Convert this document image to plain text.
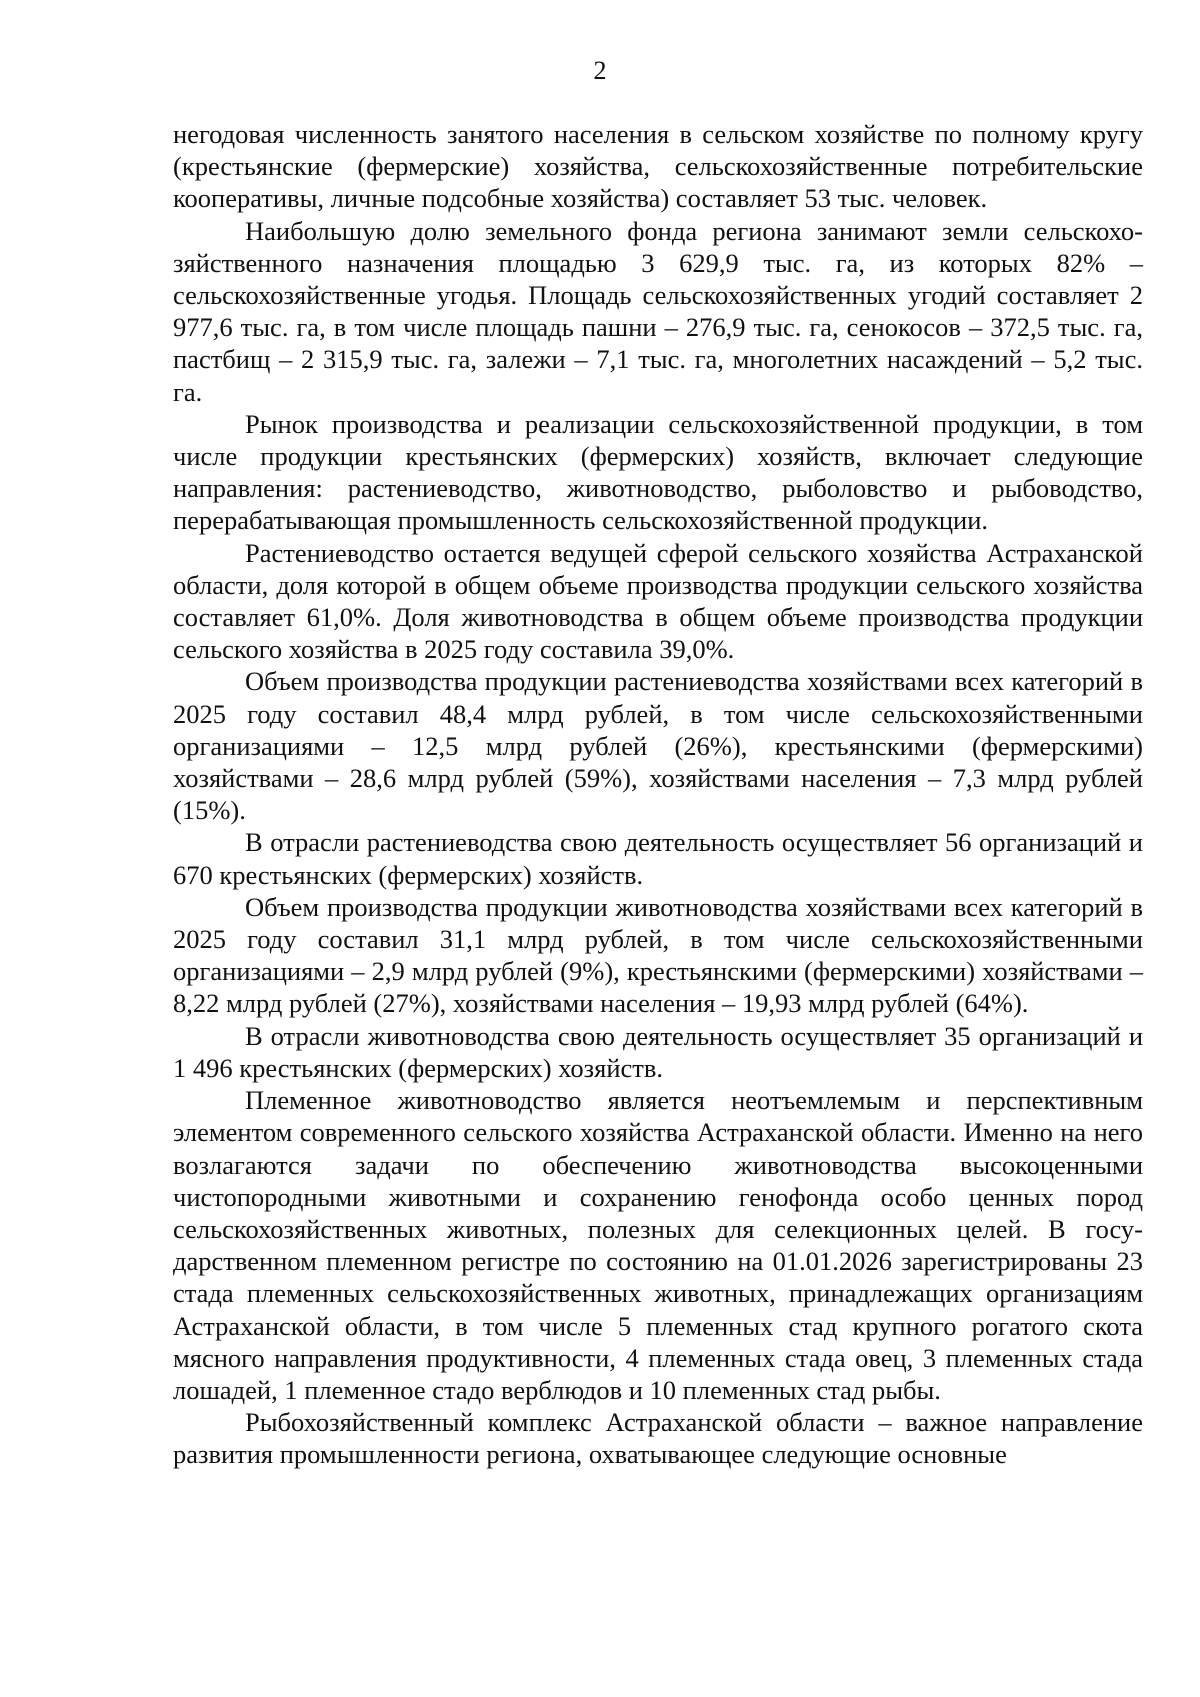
2

негодовая численность занятого населения в сельском хозяйстве по полному кругу (крестьянские (фермерские) хозяйства, сельскохозяйственные потребительские кооперативы, личные подсобные хозяйства) составляет 53 тыс. человек.

Наибольшую долю земельного фонда региона занимают земли сельскохозяйственного назначения площадью 3 629,9 тыс. га, из которых 82% – сельскохозяйственные угодья. Площадь сельскохозяйственных угодий составляет 2 977,6 тыс. га, в том числе площадь пашни – 276,9 тыс. га, сенокосов – 372,5 тыс. га, пастбищ – 2 315,9 тыс. га, залежи – 7,1 тыс. га, многолетних насаждений – 5,2 тыс. га.

Рынок производства и реализации сельскохозяйственной продукции, в том числе продукции крестьянских (фермерских) хозяйств, включает следующие направления: растениеводство, животноводство, рыболовство и рыбоводство, перерабатывающая промышленность сельскохозяйственной продукции.

Растениеводство остается ведущей сферой сельского хозяйства Астраханской области, доля которой в общем объеме производства продукции сельского хозяйства составляет 61,0%. Доля животноводства в общем объеме производства продукции сельского хозяйства в 2025 году составила 39,0%.

Объем производства продукции растениеводства хозяйствами всех категорий в 2025 году составил 48,4 млрд рублей, в том числе сельскохозяйственными организациями – 12,5 млрд рублей (26%), крестьянскими (фермерскими) хозяйствами – 28,6 млрд рублей (59%), хозяйствами населения – 7,3 млрд рублей (15%).

В отрасли растениеводства свою деятельность осуществляет 56 организаций и 670 крестьянских (фермерских) хозяйств.

Объем производства продукции животноводства хозяйствами всех категорий в 2025 году составил 31,1 млрд рублей, в том числе сельскохозяйственными организациями – 2,9 млрд рублей (9%), крестьянскими (фермерскими) хозяйствами – 8,22 млрд рублей (27%), хозяйствами населения – 19,93 млрд рублей (64%).

В отрасли животноводства свою деятельность осуществляет 35 организаций и 1 496 крестьянских (фермерских) хозяйств.

Племенное животноводство является неотъемлемым и перспективным элементом современного сельского хозяйства Астраханской области. Именно на него возлагаются задачи по обеспечению животноводства высокоценными чистопородными животными и сохранению генофонда особо ценных пород сельскохозяйственных животных, полезных для селекционных целей. В государственном племенном регистре по состоянию на 01.01.2026 зарегистрированы 23 стада племенных сельскохозяйственных животных, принадлежащих организациям Астраханской области, в том числе 5 племенных стад крупного рогатого скота мясного направления продуктивности, 4 племенных стада овец, 3 племенных стада лошадей, 1 племенное стадо верблюдов и 10 племенных стад рыбы.

Рыбохозяйственный комплекс Астраханской области – важное направление развития промышленности региона, охватывающее следующие основные
